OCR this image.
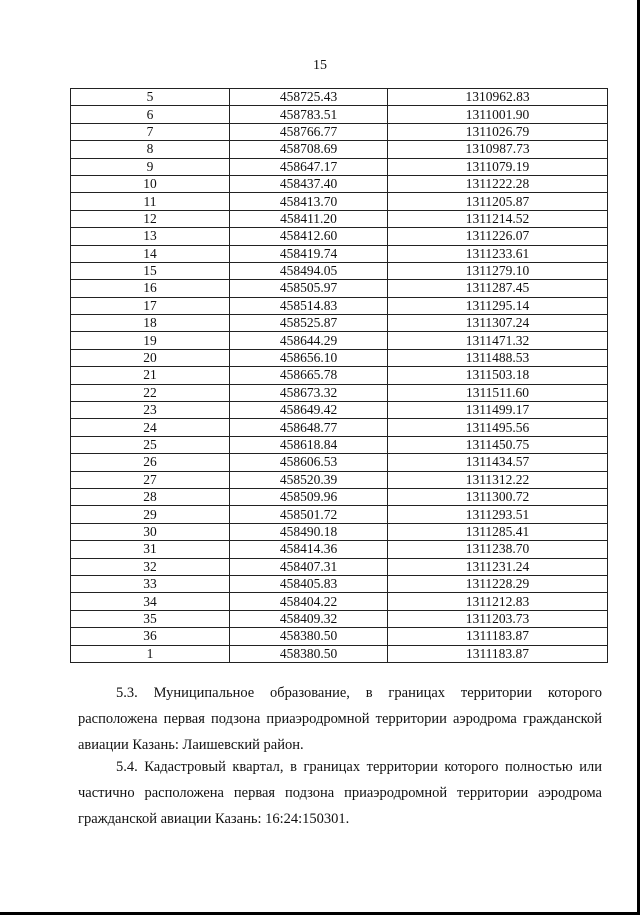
15
5	458725.43	1310962.83
6	458783.51	1311001.90
7	458766.77	1311026.79
8	458708.69	1310987.73
9	458647.17	1311079.19
10	458437.40	1311222.28
11	458413.70	1311205.87
12	458411.20	1311214.52
13	458412.60	1311226.07
14	458419.74	1311233.61
15	458494.05	1311279.10
16	458505.97	1311287.45
17	458514.83	1311295.14
18	458525.87	1311307.24
19	458644.29	1311471.32
20	458656.10	1311488.53
21	458665.78	1311503.18
22	458673.32	1311511.60
23	458649.42	1311499.17
24	458648.77	1311495.56
25	458618.84	1311450.75
26	458606.53	1311434.57
27	458520.39	1311312.22
28	458509.96	1311300.72
29	458501.72	1311293.51
30	458490.18	1311285.41
31	458414.36	1311238.70
32	458407.31	1311231.24
33	458405.83	1311228.29
34	458404.22	1311212.83
35	458409.32	1311203.73
36	458380.50	1311183.87
1	458380.50	1311183.87
5.3. Муниципальное образование, в границах территории которого расположена первая подзона приаэродромной территории аэродрома гражданской авиации Казань: Лаишевский район.
5.4. Кадастровый квартал, в границах территории которого полностью или частично расположена первая подзона приаэродромной территории аэродрома гражданской авиации Казань: 16:24:150301.
